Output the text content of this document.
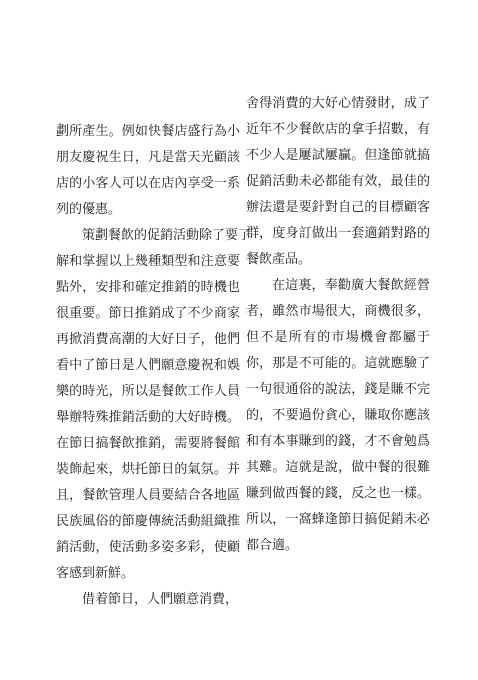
劃所產生。例如快餐店盛行為小
朋友慶祝生日，凡是當天光顧該
店的小客人可以在店內享受一系
列的優惠。
策劃餐飲的促銷活動除了要了
解和掌握以上幾種類型和注意要
點外，安排和確定推銷的時機也
很重要。節日推銷成了不少商家
再掀消費高潮的大好日子，他們
看中了節日是人們願意慶祝和娛
樂的時光，所以是餐飲工作人員
舉辦特殊推銷活動的大好時機。
在節日搞餐飲推銷，需要將餐館
裝飾起來，烘托節日的氣氛。并
且，餐飲管理人員要結合各地區
民族風俗的節慶傳統活動組織推
銷活動，使活動多姿多彩，使顧
客感到新鮮。
借着節日，人們願意消費，
舍得消費的大好心情發財，成了
近年不少餐飲店的拿手招數，有
不少人是屢試屢贏。但逢節就搞
促銷活動未必都能有效，最佳的
辦法還是要針對自己的目標顧客
群，度身訂做出一套適銷對路的
餐飲產品。
在這裏，奉勸廣大餐飲經營
者，雖然市場很大，商機很多，
但不是所有的市場機會都屬于
你，那是不可能的。這就應驗了
一句很通俗的說法，錢是賺不完
的，不要過份貪心，賺取你應該
和有本事賺到的錢，才不會勉爲
其難。這就是說，做中餐的很難
賺到做西餐的錢，反之也一樣。
所以，一窩蜂逢節日搞促銷未必
都合適。
